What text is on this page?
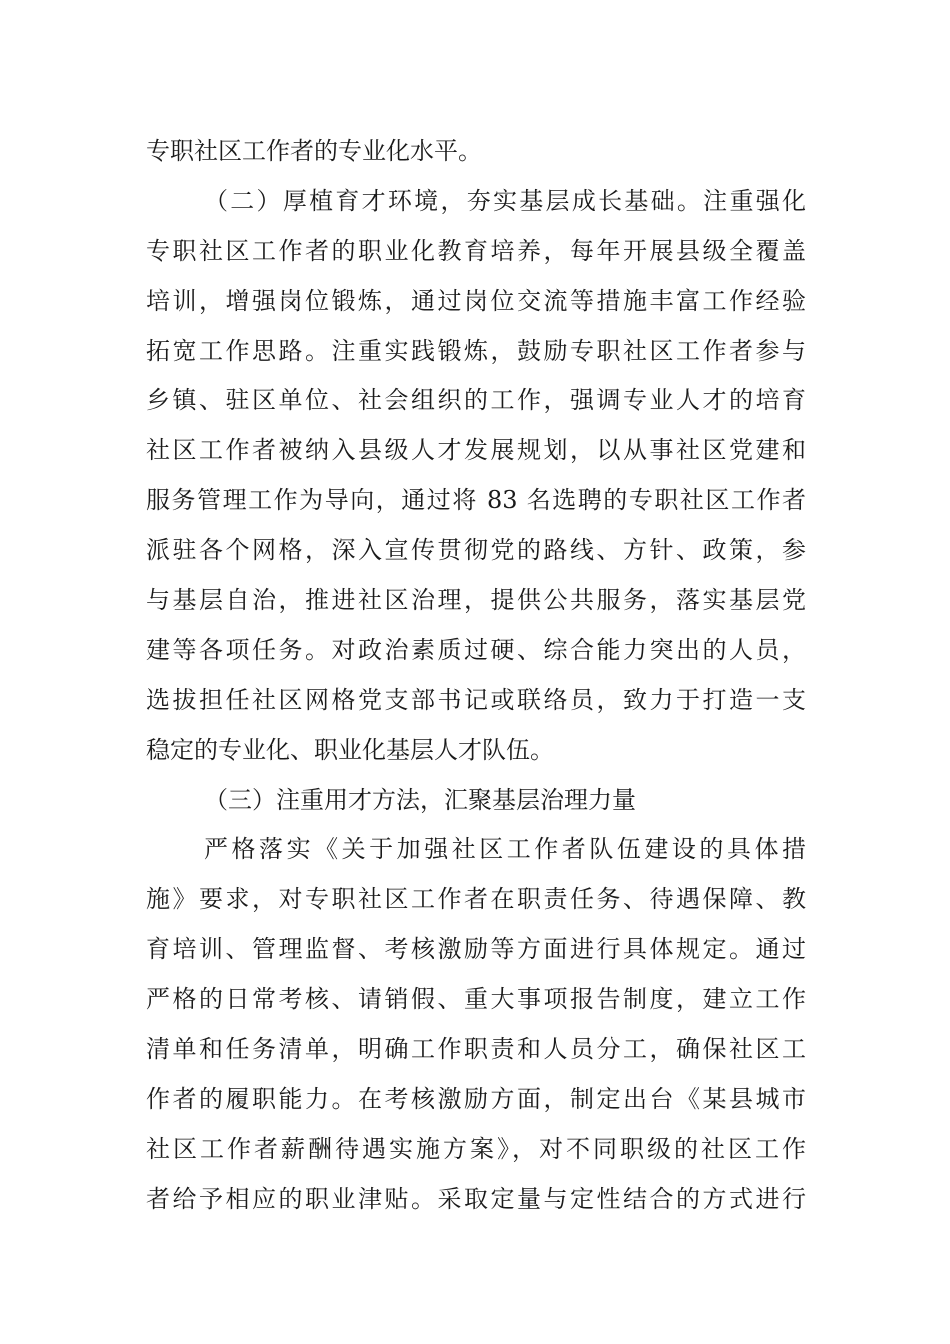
专职社区工作者的专业化水平。
（二）厚植育才环境，夯实基层成长基础。注重强化
专职社区工作者的职业化教育培养，每年开展县级全覆盖
培训，增强岗位锻炼，通过岗位交流等措施丰富工作经验
拓宽工作思路。注重实践锻炼，鼓励专职社区工作者参与
乡镇、驻区单位、社会组织的工作，强调专业人才的培育
社区工作者被纳入县级人才发展规划，以从事社区党建和
服务管理工作为导向，通过将 83 名选聘的专职社区工作者
派驻各个网格，深入宣传贯彻党的路线、方针、政策，参
与基层自治，推进社区治理，提供公共服务，落实基层党
建等各项任务。对政治素质过硬、综合能力突出的人员，
选拔担任社区网格党支部书记或联络员，致力于打造一支
稳定的专业化、职业化基层人才队伍。
（三）注重用才方法，汇聚基层治理力量
严格落实《关于加强社区工作者队伍建设的具体措
施》要求，对专职社区工作者在职责任务、待遇保障、教
育培训、管理监督、考核激励等方面进行具体规定。通过
严格的日常考核、请销假、重大事项报告制度，建立工作
清单和任务清单，明确工作职责和人员分工，确保社区工
作者的履职能力。在考核激励方面，制定出台《某县城市
社区工作者薪酬待遇实施方案》，对不同职级的社区工作
者给予相应的职业津贴。采取定量与定性结合的方式进行
